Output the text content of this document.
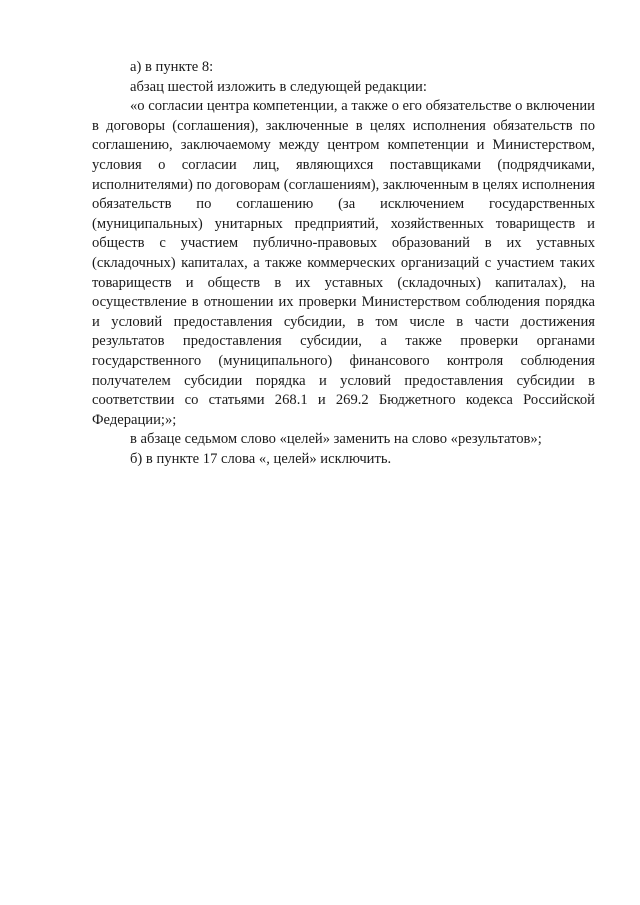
а) в пункте 8:

абзац шестой изложить в следующей редакции:

«о согласии центра компетенции, а также о его обязательстве о включении в договоры (соглашения), заключенные в целях исполнения обязательств по соглашению, заключаемому между центром компетенции и Министерством, условия о согласии лиц, являющихся поставщиками (подрядчиками, исполнителями) по договорам (соглашениям), заключенным в целях исполнения обязательств по соглашению (за исключением государственных (муниципальных) унитарных предприятий, хозяйственных товариществ и обществ с участием публично-правовых образований в их уставных (складочных) капиталах, а также коммерческих организаций с участием таких товариществ и обществ в их уставных (складочных) капиталах), на осуществление в отношении их проверки Министерством соблюдения порядка и условий предоставления субсидии, в том числе в части достижения результатов предоставления субсидии, а также проверки органами государственного (муниципального) финансового контроля соблюдения получателем субсидии порядка и условий предоставления субсидии в соответствии со статьями 268.1 и 269.2 Бюджетного кодекса Российской Федерации;»;

в абзаце седьмом слово «целей» заменить на слово «результатов»;

б) в пункте 17 слова «, целей» исключить.
